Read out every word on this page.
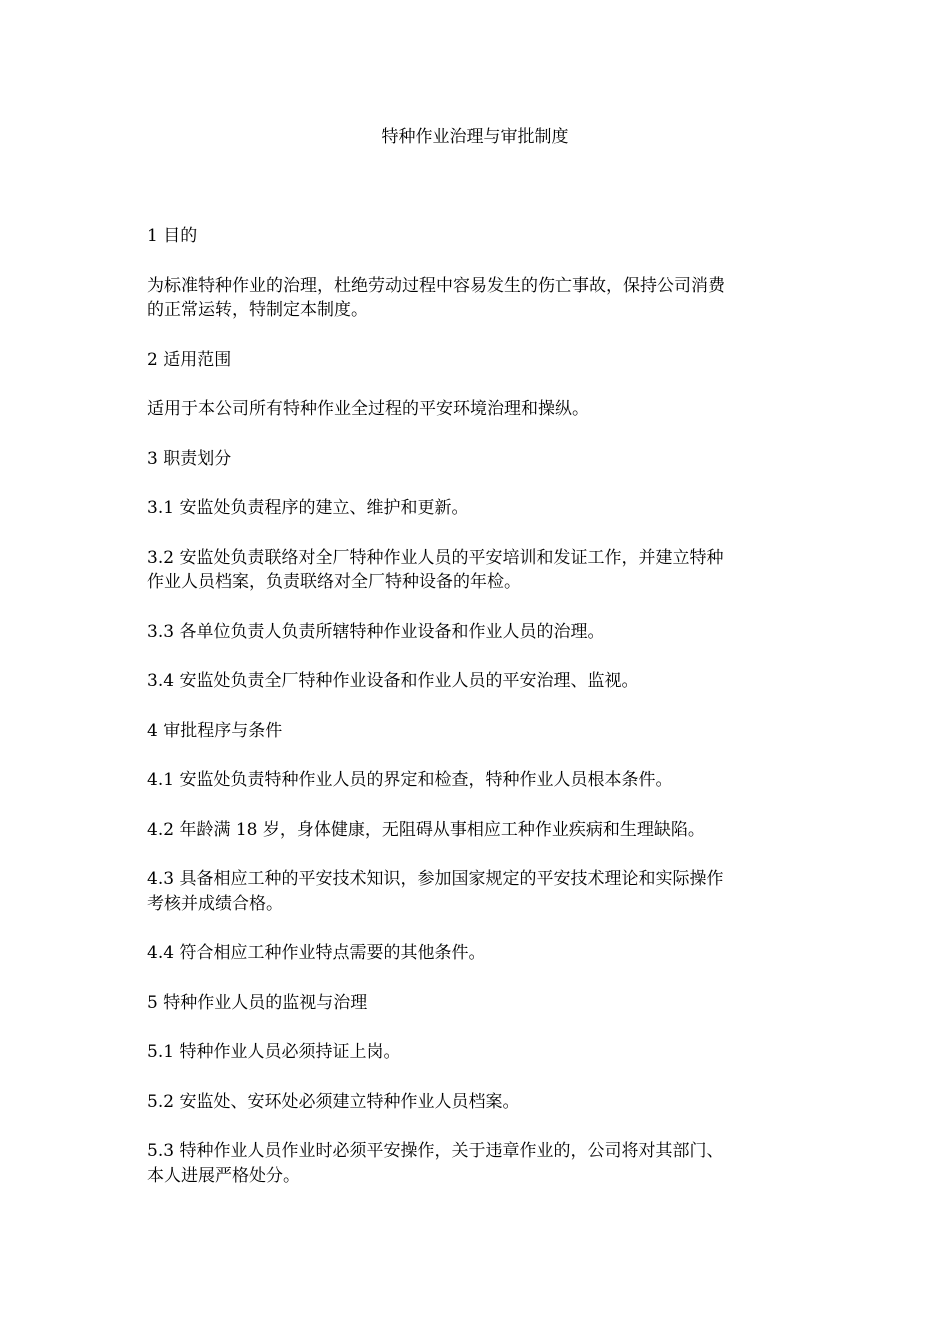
特种作业治理与审批制度

1 目的

为标准特种作业的治理，杜绝劳动过程中容易发生的伤亡事故，保持公司消费
的正常运转，特制定本制度。

2 适用范围

适用于本公司所有特种作业全过程的平安环境治理和操纵。

3 职责划分

3.1 安监处负责程序的建立、维护和更新。

3.2 安监处负责联络对全厂特种作业人员的平安培训和发证工作，并建立特种
作业人员档案，负责联络对全厂特种设备的年检。

3.3 各单位负责人负责所辖特种作业设备和作业人员的治理。

3.4 安监处负责全厂特种作业设备和作业人员的平安治理、监视。

4 审批程序与条件

4.1 安监处负责特种作业人员的界定和检查，特种作业人员根本条件。

4.2 年龄满 18 岁，身体健康，无阻碍从事相应工种作业疾病和生理缺陷。

4.3 具备相应工种的平安技术知识，参加国家规定的平安技术理论和实际操作
考核并成绩合格。

4.4 符合相应工种作业特点需要的其他条件。

5 特种作业人员的监视与治理

5.1 特种作业人员必须持证上岗。

5.2 安监处、安环处必须建立特种作业人员档案。

5.3 特种作业人员作业时必须平安操作，关于违章作业的，公司将对其部门、
本人进展严格处分。
